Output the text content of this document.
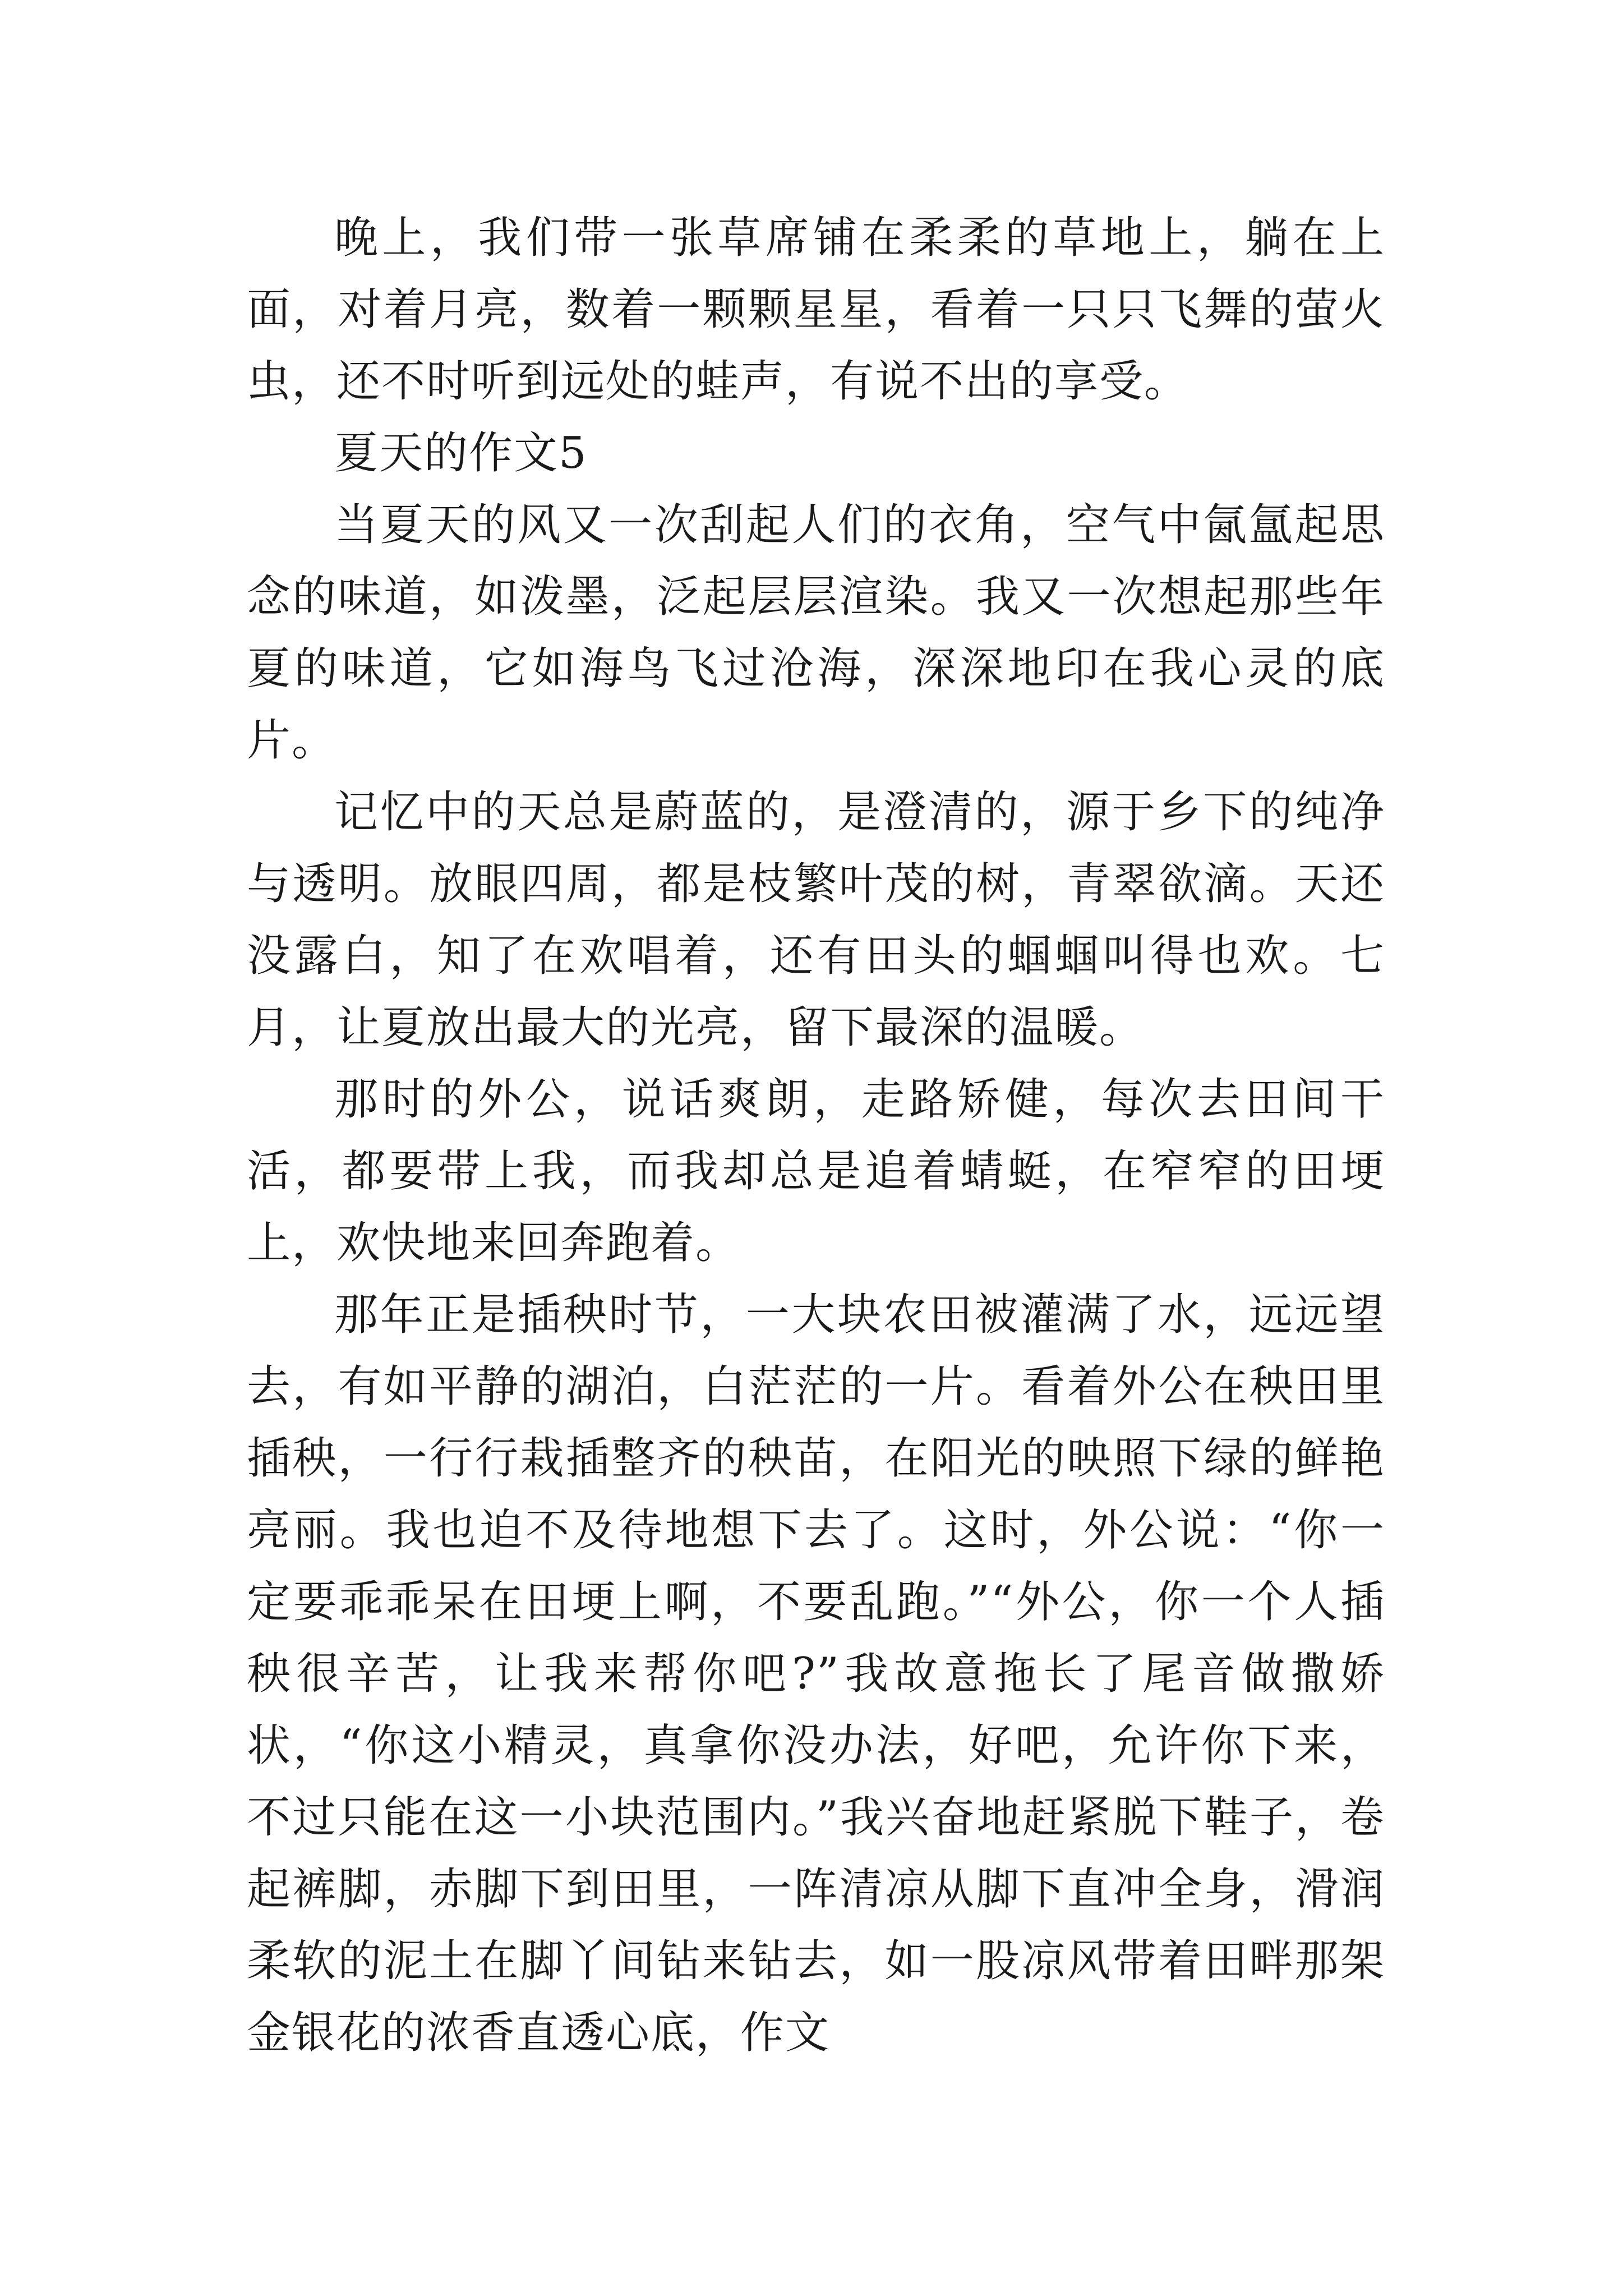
晚上，我们带一张草席铺在柔柔的草地上，躺在上面，对着月亮，数着一颗颗星星，看着一只只飞舞的萤火虫，还不时听到远处的蛙声，有说不出的享受。

夏天的作文5

当夏天的风又一次刮起人们的衣角，空气中氤氲起思念的味道，如泼墨，泛起层层渲染。我又一次想起那些年夏的味道，它如海鸟飞过沧海，深深地印在我心灵的底片。

记忆中的天总是蔚蓝的，是澄清的，源于乡下的纯净与透明。放眼四周，都是枝繁叶茂的树，青翠欲滴。天还没露白，知了在欢唱着，还有田头的蝈蝈叫得也欢。七月，让夏放出最大的光亮，留下最深的温暖。

那时的外公，说话爽朗，走路矫健，每次去田间干活，都要带上我，而我却总是追着蜻蜓，在窄窄的田埂上，欢快地来回奔跑着。

那年正是插秧时节，一大块农田被灌满了水，远远望去，有如平静的湖泊，白茫茫的一片。看着外公在秧田里插秧，一行行栽插整齐的秧苗，在阳光的映照下绿的鲜艳亮丽。我也迫不及待地想下去了。这时，外公说：“你一定要乖乖呆在田埂上啊，不要乱跑。”“外公，你一个人插秧很辛苦，让我来帮你吧?”我故意拖长了尾音做撒娇状，“你这小精灵，真拿你没办法，好吧，允许你下来，不过只能在这一小块范围内。”我兴奋地赶紧脱下鞋子，卷起裤脚，赤脚下到田里，一阵清凉从脚下直冲全身，滑润柔软的泥土在脚丫间钻来钻去，如一股凉风带着田畔那架金银花的浓香直透心底，作文
